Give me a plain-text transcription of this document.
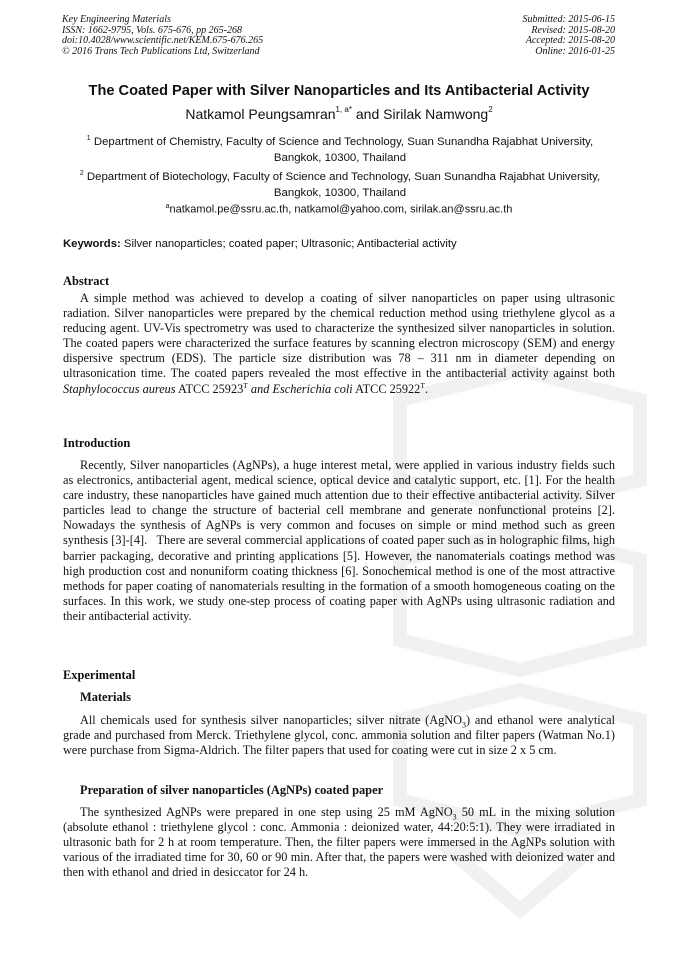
Key Engineering Materials
ISSN: 1662-9795, Vols. 675-676, pp 265-268
doi:10.4028/www.scientific.net/KEM.675-676.265
© 2016 Trans Tech Publications Ltd, Switzerland
Submitted: 2015-06-15
Revised: 2015-08-20
Accepted: 2015-08-20
Online: 2016-01-25
The Coated Paper with Silver Nanoparticles and Its Antibacterial Activity
Natkamol Peungsamran$^{1, a*}$ and Sirilak Namwong$^2$
$^1$ Department of Chemistry, Faculty of Science and Technology, Suan Sunandha Rajabhat University, Bangkok, 10300, Thailand
$^2$ Department of Biotechology, Faculty of Science and Technology, Suan Sunandha Rajabhat University, Bangkok, 10300, Thailand
$^a$natkamol.pe@ssru.ac.th, natkamol@yahoo.com, sirilak.an@ssru.ac.th
Keywords: Silver nanoparticles; coated paper; Ultrasonic; Antibacterial activity
Abstract
A simple method was achieved to develop a coating of silver nanoparticles on paper using ultrasonic radiation. Silver nanoparticles were prepared by the chemical reduction method using triethylene glycol as a reducing agent. UV-Vis spectrometry was used to characterize the synthesized silver nanoparticles in solution. The coated papers were characterized the surface features by scanning electron microscopy (SEM) and energy dispersive spectrum (EDS). The particle size distribution was 78 – 311 nm in diameter depending on ultrasonication time. The coated papers revealed the most effective in the antibacterial activity against both Staphylococcus aureus ATCC $25923^T$ and Escherichia coli ATCC $25922^T$.
Introduction
Recently, Silver nanoparticles (AgNPs), a huge interest metal, were applied in various industry fields such as electronics, antibacterial agent, medical science, optical device and catalytic support, etc. [1]. For the health care industry, these nanoparticles have gained much attention due to their effective antibacterial activity. Silver particles lead to change the structure of bacterial cell membrane and generate nonfunctional proteins [2]. Nowadays the synthesis of AgNPs is very common and focuses on simple or mind method such as green synthesis [3]-[4].   There are several commercial applications of coated paper such as in holographic films, high barrier packaging, decorative and printing applications [5]. However, the nanomaterials coatings method was high production cost and nonuniform coating thickness [6]. Sonochemical method is one of the most attractive methods for paper coating of nanomaterials resulting in the formation of a smooth homogeneous coating on the surfaces. In this work, we study one-step process of coating paper with AgNPs using ultrasonic radiation and their antibacterial activity.
Experimental
Materials
All chemicals used for synthesis silver nanoparticles; silver nitrate (AgNO$_3$) and ethanol were analytical grade and purchased from Merck. Triethylene glycol, conc. ammonia solution and filter papers (Watman No.1) were purchase from Sigma-Aldrich. The filter papers that used for coating were cut in size 2 x 5 cm.
Preparation of silver nanoparticles (AgNPs) coated paper
The synthesized AgNPs were prepared in one step using 25 mM AgNO$_3$ 50 mL in the mixing solution (absolute ethanol : triethylene glycol : conc. Ammonia : deionized water, 44:20:5:1). They were irradiated in ultrasonic bath for 2 h at room temperature. Then, the filter papers were immersed in the AgNPs solution with various of the irradiated time for 30, 60 or 90 min. After that, the papers were washed with deionized water and then with ethanol and dried in desiccator for 24 h.
